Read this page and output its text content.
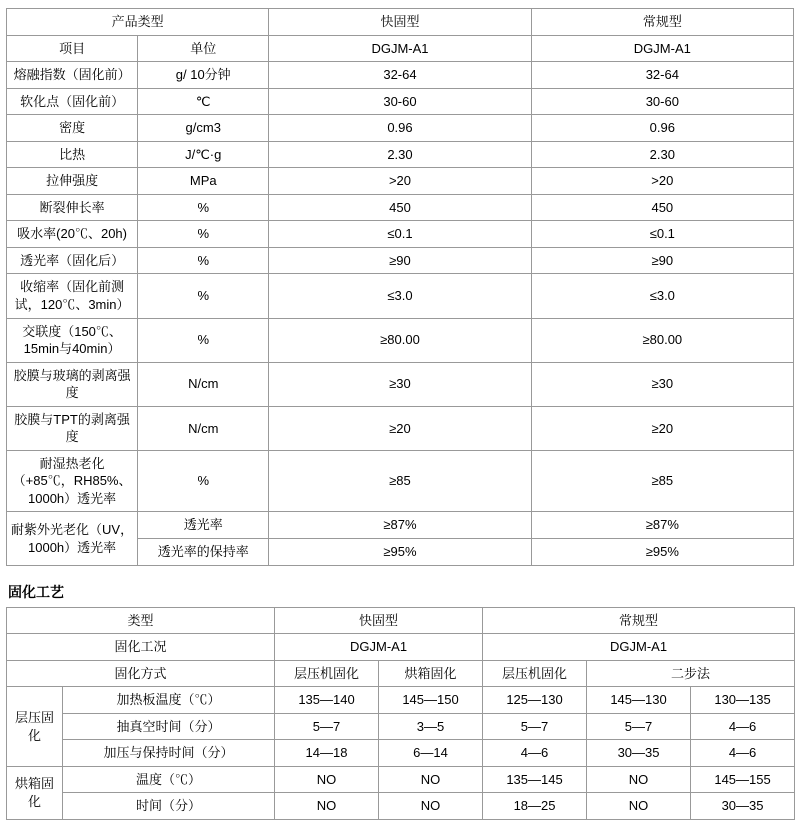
产品类型		快固型	常规型
项目	单位	DGJM-A1	DGJM-A1
熔融指数（固化前）	g/ 10分钟	32-64	32-64
软化点（固化前）	℃	30-60	30-60
密度	g/cm3	0.96	0.96
比热	J/℃·g	2.30	2.30
拉伸强度	MPa	>20	>20
断裂伸长率	%	450	450
吸水率(20℃、20h)	%	≤0.1	≤0.1
透光率（固化后）	%	≥90	≥90
收缩率（固化前测试，120℃、3min）	%	≤3.0	≤3.0
交联度（150℃、15min与40min）	%	≥80.00	≥80.00
胶膜与玻璃的剥离强度	N/cm	≥30	≥30
胶膜与TPT的剥离强度	N/cm	≥20	≥20
耐湿热老化（+85℃，RH85%、1000h）透光率	%	≥85	≥85
耐紫外光老化（UV，1000h）透光率	透光率	≥87%	≥87%
	透光率的保持率	≥95%	≥95%
固化工艺
类型		快固型		常规型		
固化工况		DGJM-A1		DGJM-A1		
固化方式		层压机固化	烘箱固化	层压机固化	二步法	
层压固化	加热板温度（℃）	135—140	145—150	125—130	145—130	130—135
	抽真空时间（分）	5—7	3—5	5—7	5—7	4—6
	加压与保持时间（分）	14—18	6—14	4—6	30—35	4—6
烘箱固化	温度（℃）	NO	NO	135—145	NO	145—155
	时间（分）	NO	NO	18—25	NO	30—35
